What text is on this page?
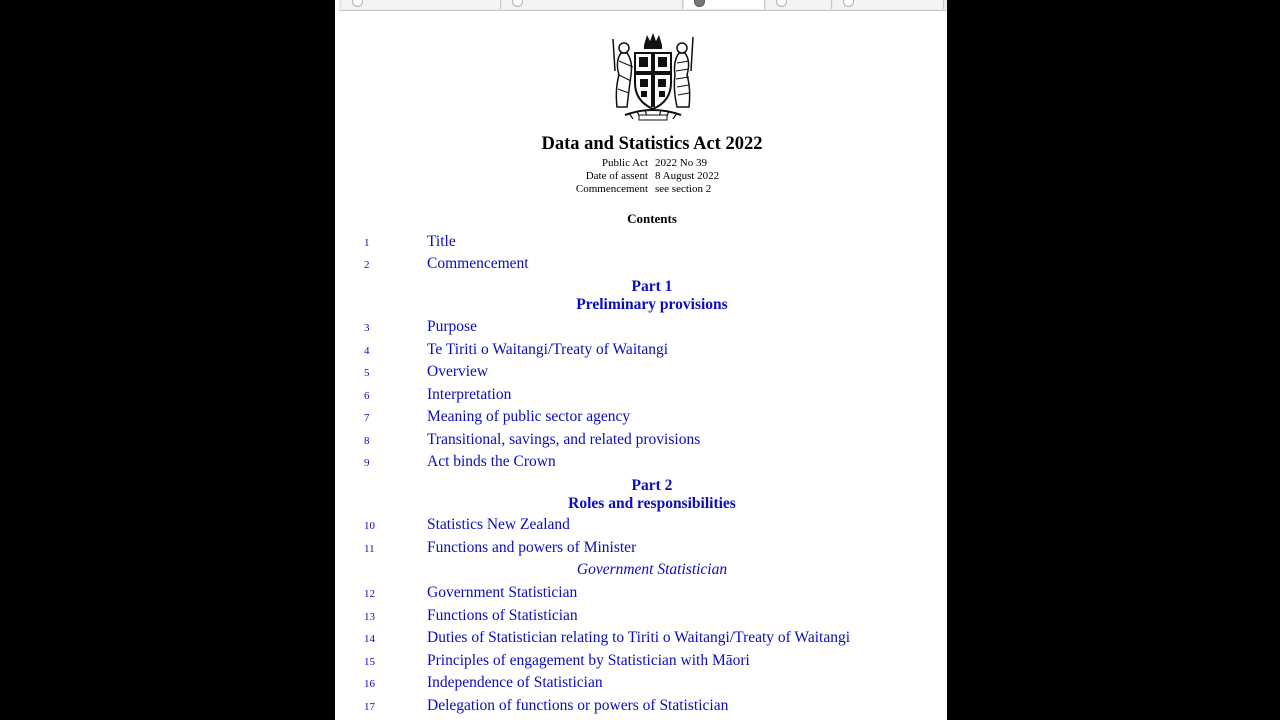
Data and Statistics Act 2022
Public Act 2022 No 39
Date of assent 8 August 2022
Commencement see section 2
Contents
1	Title
2	Commencement
Part 1
Preliminary provisions
3	Purpose
4	Te Tiriti o Waitangi/Treaty of Waitangi
5	Overview
6	Interpretation
7	Meaning of public sector agency
8	Transitional, savings, and related provisions
9	Act binds the Crown
Part 2
Roles and responsibilities
10	Statistics New Zealand
11	Functions and powers of Minister
Government Statistician
12	Government Statistician
13	Functions of Statistician
14	Duties of Statistician relating to Tiriti o Waitangi/Treaty of Waitangi
15	Principles of engagement by Statistician with Māori
16	Independence of Statistician
17	Delegation of functions or powers of Statistician
